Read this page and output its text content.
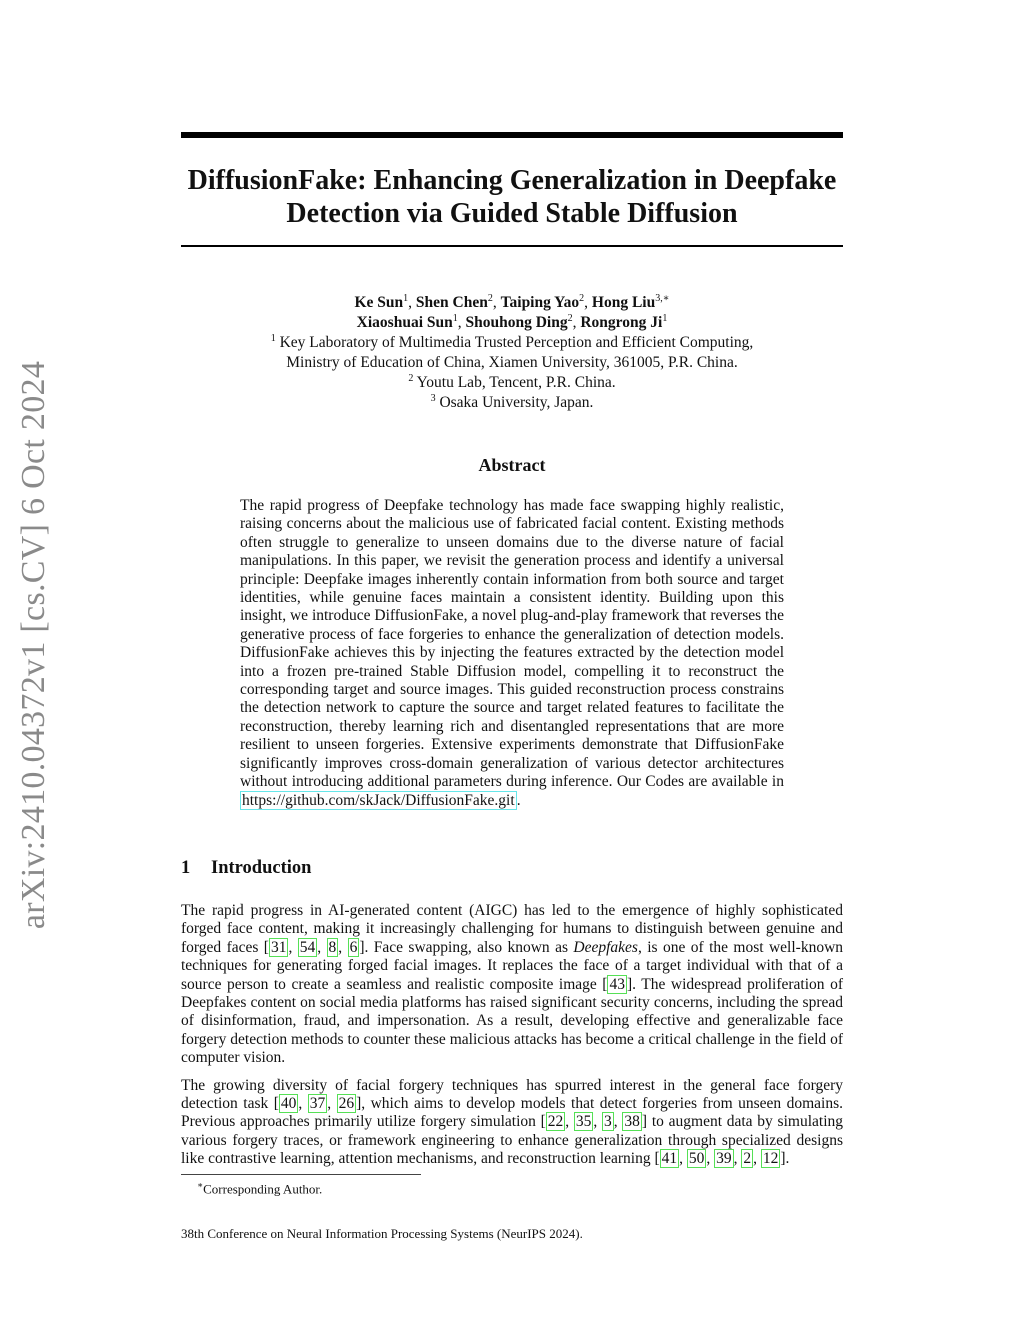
arXiv:2410.04372v1 [cs.CV] 6 Oct 2024
DiffusionFake: Enhancing Generalization in Deepfake
Detection via Guided Stable Diffusion
Ke Sun$^1$, Shen Chen$^2$, Taiping Yao$^2$, Hong Liu$^{3,∗}$
Xiaoshuai Sun$^1$, Shouhong Ding$^2$, Rongrong Ji$^1$
$^1$ Key Laboratory of Multimedia Trusted Perception and Efficient Computing,
Ministry of Education of China, Xiamen University, 361005, P.R. China.
$^2$ Youtu Lab, Tencent, P.R. China.
$^3$ Osaka University, Japan.
Abstract
The rapid progress of Deepfake technology has made face swapping highly realistic, raising concerns about the malicious use of fabricated facial content. Existing methods often struggle to generalize to unseen domains due to the diverse nature of facial manipulations. In this paper, we revisit the generation process and identify a universal principle: Deepfake images inherently contain information from both source and target identities, while genuine faces maintain a consistent identity. Building upon this insight, we introduce DiffusionFake, a novel plug-and-play framework that reverses the generative process of face forgeries to enhance the generalization of detection models. DiffusionFake achieves this by injecting the features extracted by the detection model into a frozen pre-trained Stable Diffusion model, compelling it to reconstruct the corresponding target and source images. This guided reconstruction process constrains the detection network to capture the source and target related features to facilitate the reconstruction, thereby learning rich and disentangled representations that are more resilient to unseen forgeries. Extensive experiments demonstrate that DiffusionFake significantly improves cross-domain generalization of various detector architectures without introducing additional parameters during inference. Our Codes are available in https://github.com/skJack/DiffusionFake.git .
1 Introduction

The rapid progress in AI-generated content (AIGC) has led to the emergence of highly sophisticated forged face content, making it increasingly challenging for humans to distinguish between genuine and forged faces [ 31 , 54 , 8 , 6 ]. Face swapping, also known as Deepfakes, is one of the most well-known techniques for generating forged facial images. It replaces the face of a target individual with that of a source person to create a seamless and realistic composite image [ 43 ]. The widespread proliferation of Deepfakes content on social media platforms has raised significant security concerns, including the spread of disinformation, fraud, and impersonation. As a result, developing effective and generalizable face forgery detection methods to counter these malicious attacks has become a critical challenge in the field of computer vision.

The growing diversity of facial forgery techniques has spurred interest in the general face forgery detection task [ 40 , 37 , 26 ], which aims to develop models that detect forgeries from unseen domains. Previous approaches primarily utilize forgery simulation [ 22 , 35 , 3 , 38 ] to augment data by simulating various forgery traces, or framework engineering to enhance generalization through specialized designs like contrastive learning, attention mechanisms, and reconstruction learning [ 41 , 50 , 39 , 2 , 12 ].

∗Corresponding Author.
38th Conference on Neural Information Processing Systems (NeurIPS 2024).
